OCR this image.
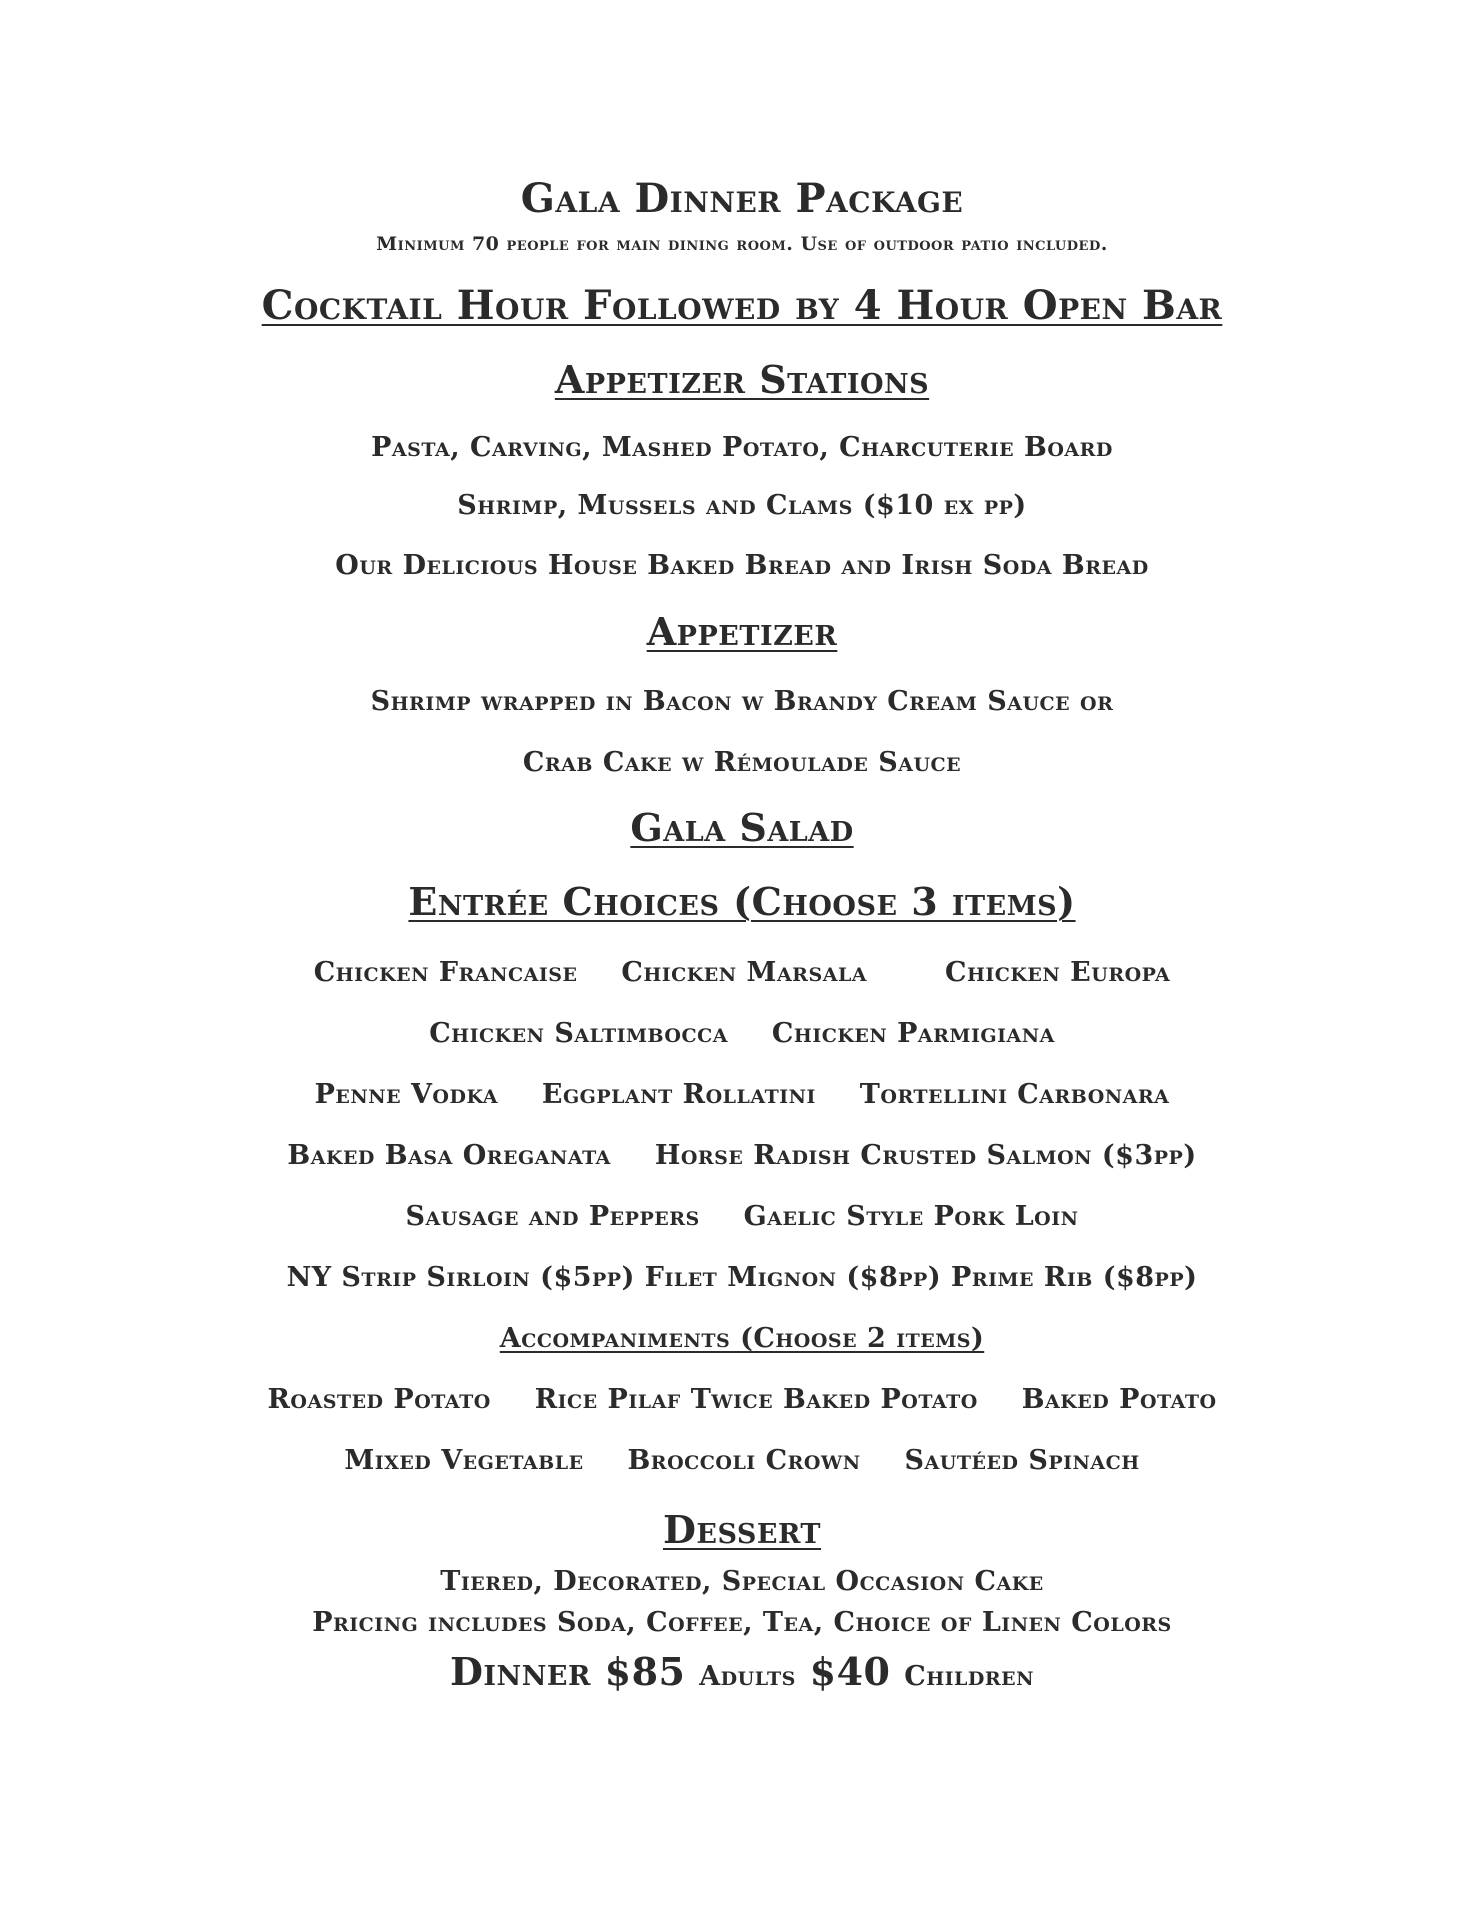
Gala Dinner Package
Minimum 70 people for main dining room. Use of outdoor patio included.
Cocktail Hour Followed by 4 Hour Open Bar
Appetizer Stations
Pasta, Carving, Mashed Potato, Charcuterie Board
Shrimp, Mussels and Clams ($10 ex pp)
Our Delicious House Baked Bread and Irish Soda Bread
Appetizer
Shrimp wrapped in Bacon w Brandy Cream Sauce or
Crab Cake w Rémoulade Sauce
Gala Salad
Entrée Choices (Choose 3 items)
Chicken Francaise Chicken Marsala	Chicken Europa
Chicken Saltimbocca Chicken Parmigiana
Penne Vodka Eggplant Rollatini Tortellini Carbonara
Baked Basa Oreganata Horse Radish Crusted Salmon ($3pp)
Sausage and Peppers Gaelic Style Pork Loin
NY Strip Sirloin ($5pp) Filet Mignon ($8pp) Prime Rib ($8pp)
Accompaniments (Choose 2 items)
Roasted Potato Rice Pilaf Twice Baked Potato Baked Potato
Mixed Vegetable Broccoli Crown Sautéed Spinach
Dessert
Tiered, Decorated, Special Occasion Cake
Pricing includes Soda, Coffee, Tea, Choice of Linen Colors
Dinner $85 Adults $40 Children
